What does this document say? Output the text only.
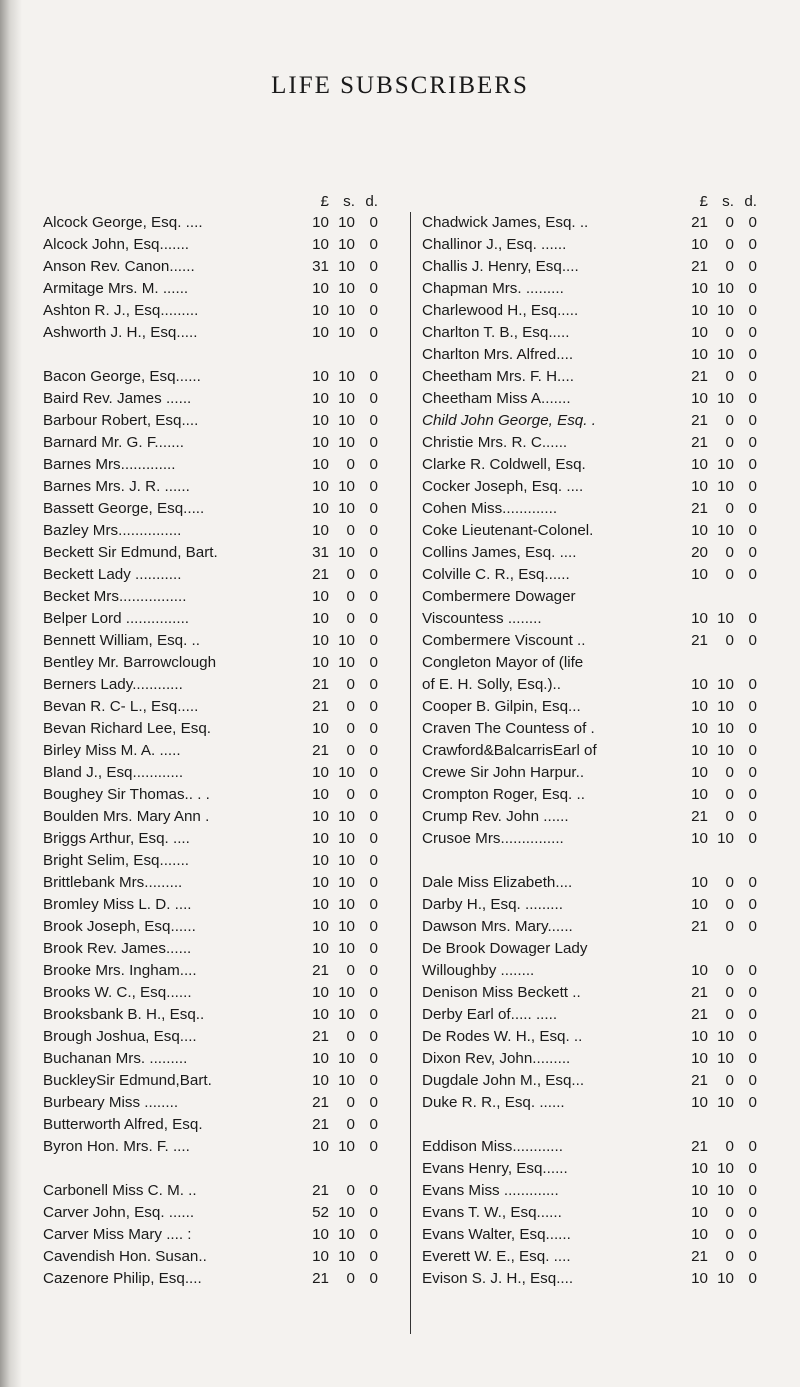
LIFE SUBSCRIBERS
£ s. d.
Alcock George, Esq. ....	10 10 0
Alcock John, Esq.......	10 10 0
Anson Rev. Canon......	31 10 0
Armitage Mrs. M. ......	10 10 0
Ashton R. J., Esq.........	10 10 0
Ashworth J. H., Esq.....	10 10 0
Bacon George, Esq......	10 10 0
Baird Rev. James ......	10 10 0
Barbour Robert, Esq....	10 10 0
Barnard Mr. G. F.......	10 10 0
Barnes Mrs.............	10	0 0
Barnes Mrs. J. R. ......	10 10 0
Bassett George, Esq.....	10 10 0
Bazley Mrs...............	10	0 0
Beckett Sir Edmund, Bart.	31 10 0
Beckett Lady ...........	21	0 0
Becket Mrs................	10	0 0
Belper Lord ...............	10	0 0
Bennett William, Esq. ..	10 10 0
Bentley Mr. Barrowclough	10 10 0
Berners Lady............	21	0 0
Bevan R. C- L., Esq.....	21	0 0
Bevan Richard Lee, Esq.	10	0 0
Birley Miss M. A. .....	21	0 0
Bland J., Esq............	10 10 0
Boughey Sir Thomas.. . .	10	0 0
Boulden Mrs. Mary Ann .	10 10 0
Briggs Arthur, Esq. ....	10 10 0
Bright Selim, Esq.......	10 10 0
Brittlebank Mrs.........	10 10 0
Bromley Miss L. D. ....	10 10 0
Brook Joseph, Esq......	10 10 0
Brook Rev. James......	10 10 0
Brooke Mrs. Ingham....	21	0 0
Brooks W. C., Esq......	10 10 0
Brooksbank B. H., Esq..	10 10 0
Brough Joshua, Esq....	21	0 0
Buchanan Mrs. .........	10 10 0
BuckleySir Edmund,Bart.	10 10 0
Burbeary Miss ........	21	0 0
Butterworth Alfred, Esq.	21	0 0
Byron Hon. Mrs. F. ....	10 10 0
Carbonell Miss C. M. ..	21	0 0
Carver John, Esq. ......	52 10 0
Carver Miss Mary .... :	10 10 0
Cavendish Hon. Susan..	10 10 0
Cazenore Philip, Esq....	21	0 0
£ s. d.
Chadwick James, Esq. ..	21	0 0
Challinor J., Esq. ......	10	0 0
Challis J. Henry, Esq....	21	0 0
Chapman Mrs. .........	10 10 0
Charlewood H., Esq.....	10 10 0
Charlton T. B., Esq.....	10	0 0
Charlton Mrs. Alfred....	10 10 0
Cheetham Mrs. F. H....	21	0 0
Cheetham Miss A.......	10 10 0
Child John George, Esq. .	21	0 0
Christie Mrs. R. C......	21	0 0
Clarke R. Coldwell, Esq.	10 10 0
Cocker Joseph, Esq. ....	10 10 0
Cohen Miss.............	21	0 0
Coke Lieutenant-Colonel.	10 10 0
Collins James, Esq. ....	20	0 0
Colville C. R., Esq......	10	0 0
Combermere Dowager
Viscountess ........	10 10 0
Combermere Viscount ..	21	0 0
Congleton Mayor of (life
of E. H. Solly, Esq.)..	10 10 0
Cooper B. Gilpin, Esq...	10 10 0
Craven The Countess of .	10 10 0
Crawford&BalcarrisEarl of	10 10 0
Crewe Sir John Harpur..	10	0 0
Crompton Roger, Esq. ..	10	0 0
Crump Rev. John ......	21	0 0
Crusoe Mrs...............	10 10 0
Dale Miss Elizabeth....	10	0 0
Darby H., Esq. .........	10	0 0
Dawson Mrs. Mary......	21	0 0
De Brook Dowager Lady
Willoughby ........	10	0 0
Denison Miss Beckett ..	21	0 0
Derby Earl of..... .....	21	0 0
De Rodes W. H., Esq. ..	10 10 0
Dixon Rev, John.........	10 10 0
Dugdale John M., Esq...	21	0 0
Duke R. R., Esq. ......	10 10 0
Eddison Miss............	21	0 0
Evans Henry, Esq......	10 10 0
Evans Miss .............	10 10 0
Evans T. W., Esq......	10	0 0
Evans Walter, Esq......	10	0 0
Everett W. E., Esq. ....	21	0 0
Evison S. J. H., Esq....	10 10 0
